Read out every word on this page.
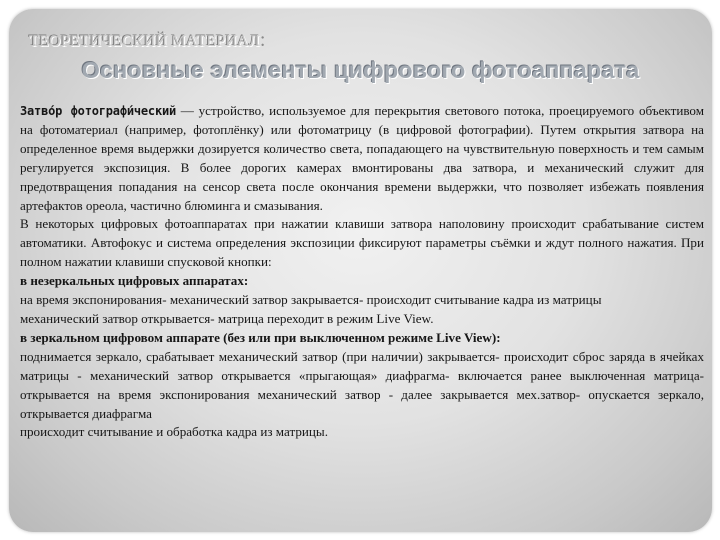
ТЕОРЕТИЧЕСКИЙ МАТЕРИАЛ:
Основные элементы цифрового фотоаппарата

Затво́р фотографи́ческий — устройство, используемое для перекрытия светового потока, проецируемого объективом на фотоматериал (например, фотоплёнку) или фотоматрицу (в цифровой фотографии). Путем открытия затвора на определенное время выдержки дозируется количество света, попадающего на чувствительную поверхность и тем самым регулируется экспозиция. В более дорогих камерах вмонтированы два затвора, и механический служит для предотвращения попадания на сенсор света после окончания времени выдержки, что позволяет избежать появления артефактов ореола, частично блюминга и смазывания.

В некоторых цифровых фотоаппаратах при нажатии клавиши затвора наполовину происходит срабатывание систем автоматики. Автофокус и система определения экспозиции фиксируют параметры съёмки и ждут полного нажатия. При полном нажатии клавиши спусковой кнопки:

в незеркальных цифровых аппаратах:

на время экспонирования- механический затвор закрывается- происходит считывание кадра из матрицы

механический затвор открывается- матрица переходит в режим Live View.

в зеркальном цифровом аппарате (без или при выключенном режиме Live View):

поднимается зеркало, срабатывает механический затвор (при наличии) закрывается- происходит сброс заряда в ячейках матрицы - механический затвор открывается «прыгающая» диафрагма- включается ранее выключенная матрица- открывается на время экспонирования механический затвор - далее закрывается мех.затвор- опускается зеркало, открывается диафрагма

происходит считывание и обработка кадра из матрицы.
